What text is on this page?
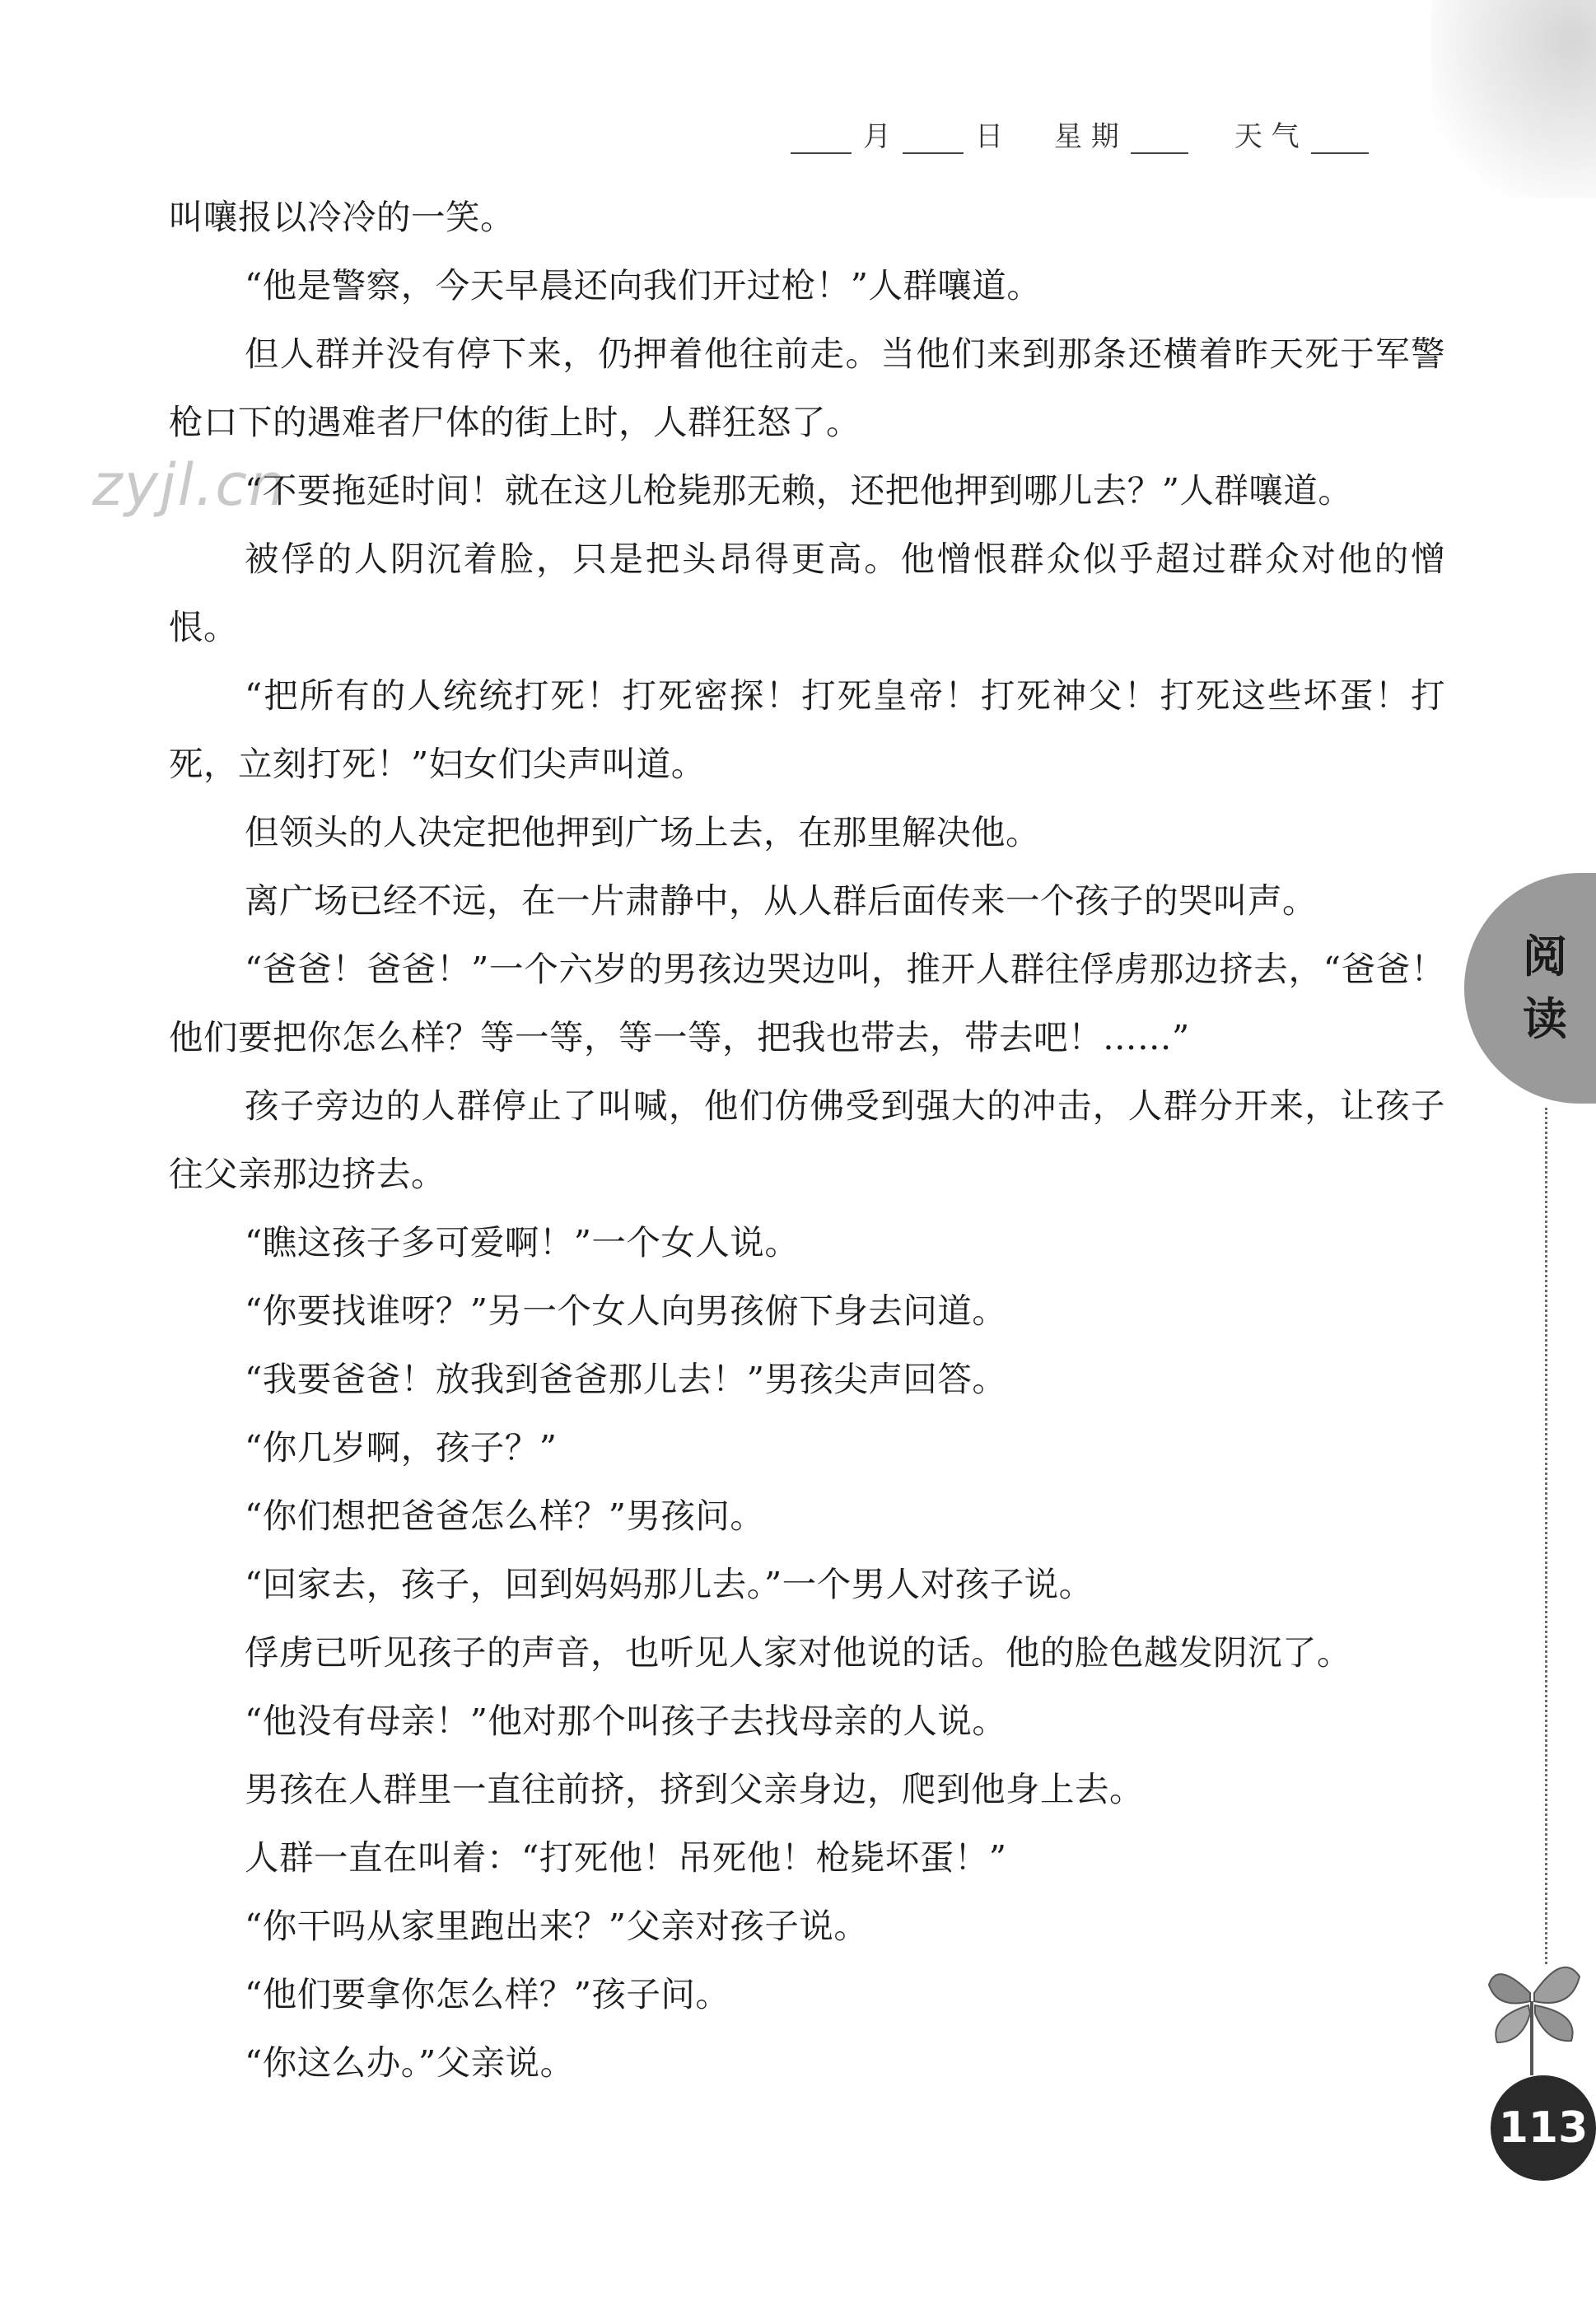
月	日 星 期	天 气
zyjl.cn

叫嚷报以冷冷的一笑。

“他是警察，今天早晨还向我们开过枪！”人群嚷道。

但人群并没有停下来，仍押着他往前走。当他们来到那条还横着昨天死于军警枪口下的遇难者尸体的街上时，人群狂怒了。

“不要拖延时间！就在这儿枪毙那无赖，还把他押到哪儿去？”人群嚷道。

被俘的人阴沉着脸，只是把头昂得更高。他憎恨群众似乎超过群众对他的憎恨。

“把所有的人统统打死！打死密探！打死皇帝！打死神父！打死这些坏蛋！打死，立刻打死！”妇女们尖声叫道。

但领头的人决定把他押到广场上去，在那里解决他。

离广场已经不远，在一片肃静中，从人群后面传来一个孩子的哭叫声。

“爸爸！爸爸！”一个六岁的男孩边哭边叫，推开人群往俘虏那边挤去，“爸爸！他们要把你怎么样？等一等，等一等，把我也带去，带去吧！……”

孩子旁边的人群停止了叫喊，他们仿佛受到强大的冲击，人群分开来，让孩子往父亲那边挤去。

“瞧这孩子多可爱啊！”一个女人说。

“你要找谁呀？”另一个女人向男孩俯下身去问道。

“我要爸爸！放我到爸爸那儿去！”男孩尖声回答。

“你几岁啊，孩子？”

“你们想把爸爸怎么样？”男孩问。

“回家去，孩子，回到妈妈那儿去。”一个男人对孩子说。

俘虏已听见孩子的声音，也听见人家对他说的话。他的脸色越发阴沉了。

“他没有母亲！”他对那个叫孩子去找母亲的人说。

男孩在人群里一直往前挤，挤到父亲身边，爬到他身上去。

人群一直在叫着：“打死他！吊死他！枪毙坏蛋！”

“你干吗从家里跑出来？”父亲对孩子说。

“他们要拿你怎么样？”孩子问。

“你这么办。”父亲说。

阅
读
113
